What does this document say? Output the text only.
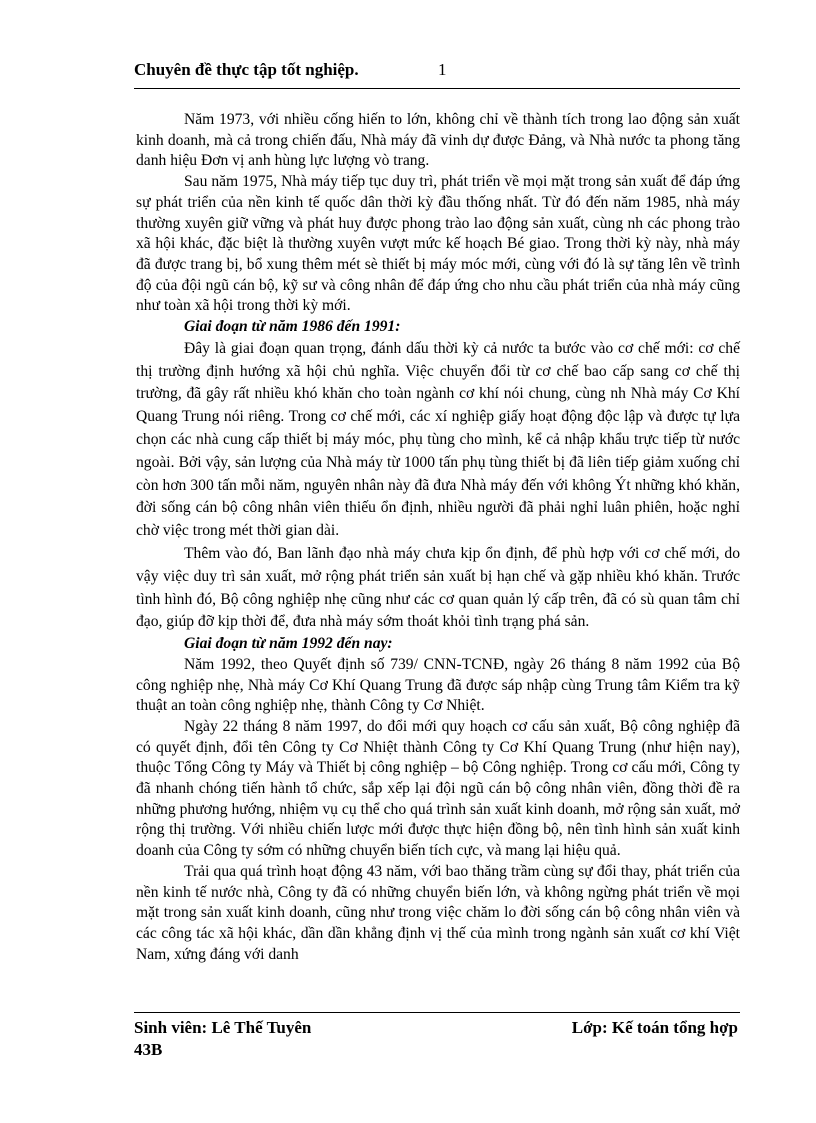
Chuyên đề thực tập tốt nghiệp.	1

Năm 1973, với nhiều cống hiến to lớn, không chỉ về thành tích trong lao động sản xuất kinh doanh, mà cả trong chiến đấu, Nhà máy đã vinh dự được Đảng, và Nhà nước ta phong tăng danh hiệu Đơn vị anh hùng lực lượng vò trang.

Sau năm 1975, Nhà máy tiếp tục duy trì, phát triển về mọi mặt trong sản xuất để đáp ứng sự phát triển của nền kinh tế quốc dân thời kỳ đầu thống nhất. Từ đó đến năm 1985, nhà máy thường xuyên giữ vững và phát huy được phong trào lao động sản xuất, cùng nh các phong trào xã hội khác, đặc biệt là thường xuyên vượt mức kế hoạch Bé giao. Trong thời kỳ này, nhà máy đã được trang bị, bổ xung thêm mét sè thiết bị máy móc mới, cùng với đó là sự tăng lên về trình độ của đội ngũ cán bộ, kỹ sư và công nhân để đáp ứng cho nhu cầu phát triển của nhà máy cũng như toàn xã hội trong thời kỳ mới.

Giai đoạn từ năm 1986 đến 1991:

Đây là giai đoạn quan trọng, đánh dấu thời kỳ cả nước ta bước vào cơ chế mới: cơ chế thị trường định hướng xã hội chủ nghĩa. Việc chuyển đổi từ cơ chế bao cấp sang cơ chế thị trường, đã gây rất nhiều khó khăn cho toàn ngành cơ khí nói chung, cùng nh Nhà máy Cơ Khí Quang Trung nói riêng. Trong cơ chế mới, các xí nghiệp giấy hoạt động độc lập và được tự lựa chọn các nhà cung cấp thiết bị máy móc, phụ tùng cho mình, kể cả nhập khẩu trực tiếp từ nước ngoài. Bởi vậy, sản lượng của Nhà máy từ 1000 tấn phụ tùng thiết bị đã liên tiếp giảm xuống chỉ còn hơn 300 tấn mỗi năm, nguyên nhân này đã đưa Nhà máy đến với không Ýt những khó khăn, đời sống cán bộ công nhân viên thiếu ổn định, nhiều người đã phải nghỉ luân phiên, hoặc nghỉ chờ việc trong mét thời gian dài.

Thêm vào đó, Ban lãnh đạo nhà máy chưa kịp ổn định, để phù hợp với cơ chế mới, do vậy việc duy trì sản xuất, mở rộng phát triển sản xuất bị hạn chế và gặp nhiều khó khăn. Trước tình hình đó, Bộ công nghiệp nhẹ cũng như các cơ quan quản lý cấp trên, đã có sù quan tâm chỉ đạo, giúp đỡ kịp thời để, đưa nhà máy sớm thoát khỏi tình trạng phá sản.

Giai đoạn từ năm 1992 đến nay:

Năm 1992, theo Quyết định số 739/ CNN-TCNĐ, ngày 26 tháng 8 năm 1992 của Bộ công nghiệp nhẹ, Nhà máy Cơ Khí Quang Trung đã được sáp nhập cùng Trung tâm Kiểm tra kỹ thuật an toàn công nghiệp nhẹ, thành Công ty Cơ Nhiệt.

Ngày 22 tháng 8 năm 1997, do đổi mới quy hoạch cơ cấu sản xuất, Bộ công nghiệp đã có quyết định, đổi tên Công ty Cơ Nhiệt thành Công ty Cơ Khí Quang Trung (như hiện nay), thuộc Tổng Công ty Máy và Thiết bị công nghiệp – bộ Công nghiệp. Trong cơ cấu mới, Công ty đã nhanh chóng tiến hành tổ chức, sắp xếp lại đội ngũ cán bộ công nhân viên, đồng thời đề ra những phương hướng, nhiệm vụ cụ thể cho quá trình sản xuất kinh doanh, mở rộng sản xuất, mở rộng thị trường. Với nhiều chiến lược mới được thực hiện đồng bộ, nên tình hình sản xuất kinh doanh của Công ty sớm có những chuyển biến tích cực, và mang lại hiệu quả.

Trải qua quá trình hoạt động 43 năm, với bao thăng trầm cùng sự đổi thay, phát triển của nền kinh tế nước nhà, Công ty đã có những chuyển biến lớn, và không ngừng phát triển về mọi mặt trong sản xuất kinh doanh, cũng như trong việc chăm lo đời sống cán bộ công nhân viên và các công tác xã hội khác, dần dần khẳng định vị thế của mình trong ngành sản xuất cơ khí Việt Nam, xứng đáng với danh

Sinh viên: Lê Thế Tuyên	Lớp: Kế toán tổng hợp
43B
